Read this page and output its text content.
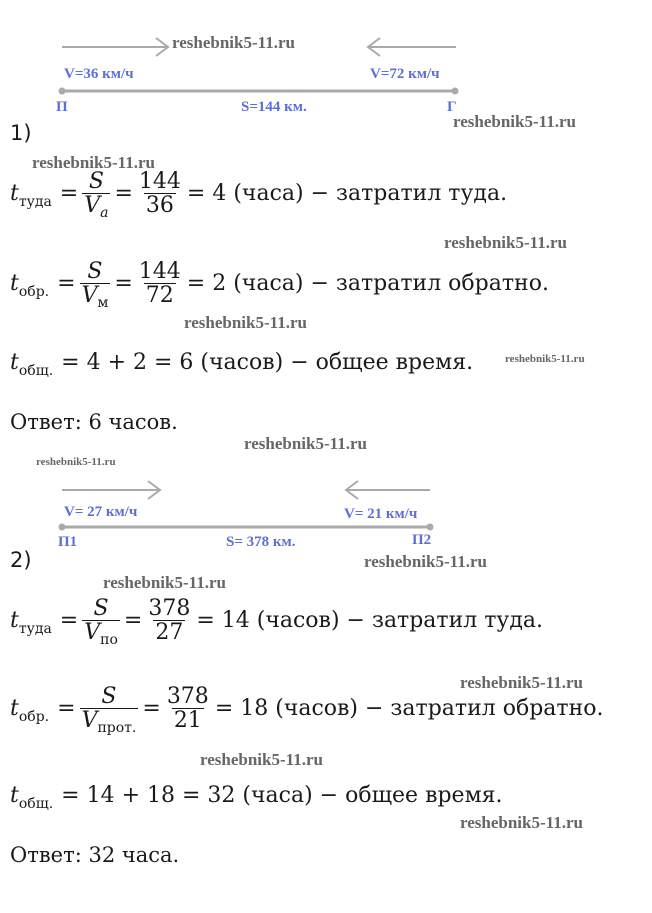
V=36 км/ч	V=72 км/ч
П	Г
S=144 км.
1)
t туда = $\frac{S}{V_a} = \frac{144}{36} = 4$ (часа) − затратил туда.
t обр. = $\frac{S}{V_м} = \frac{144}{72} = 2$ (часа) − затратил обратно.
t общ. = 4 + 2 = 6 (часов) − общее время.
Ответ: 6 часов.
V= 27 км/ч	V= 21 км/ч
П1	П2
S= 378 км.
2)
t туда = $\frac{S}{V_{по}} = \frac{378}{27} = 14$ (часов) − затратил туда.
t обр. = $\frac{S}{V_{прот.}} = \frac{378}{21} = 18$ (часов) − затратил обратно.
t общ. = 14 + 18 = 32 (часа) − общее время.
Ответ: 32 часа.
reshebnik5-11.ru
reshebnik5-11.ru
reshebnik5-11.ru
reshebnik5-11.ru
reshebnik5-11.ru
reshebnik5-11.ru
reshebnik5-11.ru
reshebnik5-11.ru
reshebnik5-11.ru
reshebnik5-11.ru
reshebnik5-11.ru
reshebnik5-11.ru
reshebnik5-11.ru
